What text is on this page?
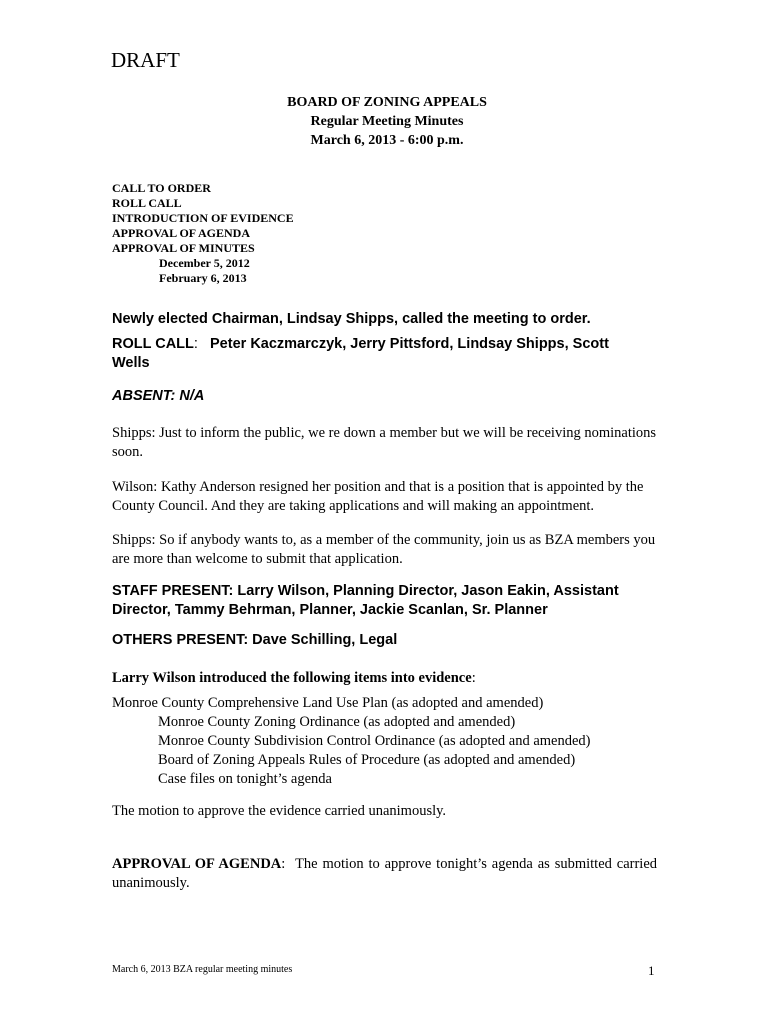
DRAFT
BOARD OF ZONING APPEALS
Regular Meeting Minutes
March 6, 2013 - 6:00 p.m.
CALL TO ORDER
ROLL CALL
INTRODUCTION OF EVIDENCE
APPROVAL OF AGENDA
APPROVAL OF MINUTES
December 5, 2012
February 6, 2013
Newly elected Chairman, Lindsay Shipps, called the meeting to order.
ROLL CALL:   Peter Kaczmarczyk, Jerry Pittsford, Lindsay Shipps, Scott Wells
ABSENT: N/A
Shipps: Just to inform the public, we re down a member but we will be receiving nominations soon.
Wilson: Kathy Anderson resigned her position and that is a position that is appointed by the County Council. And they are taking applications and will making an appointment.
Shipps: So if anybody wants to, as a member of the community, join us as BZA members you are more than welcome to submit that application.
STAFF PRESENT: Larry Wilson, Planning Director, Jason Eakin, Assistant Director, Tammy Behrman, Planner, Jackie Scanlan, Sr. Planner
OTHERS PRESENT: Dave Schilling, Legal
Larry Wilson introduced the following items into evidence:
Monroe County Comprehensive Land Use Plan (as adopted and amended)
Monroe County Zoning Ordinance (as adopted and amended)
Monroe County Subdivision Control Ordinance (as adopted and amended)
Board of Zoning Appeals Rules of Procedure (as adopted and amended)
Case files on tonight’s agenda
The motion to approve the evidence carried unanimously.
APPROVAL OF AGENDA:  The motion to approve tonight’s agenda as submitted carried unanimously.
March 6, 2013 BZA regular meeting minutes	1
